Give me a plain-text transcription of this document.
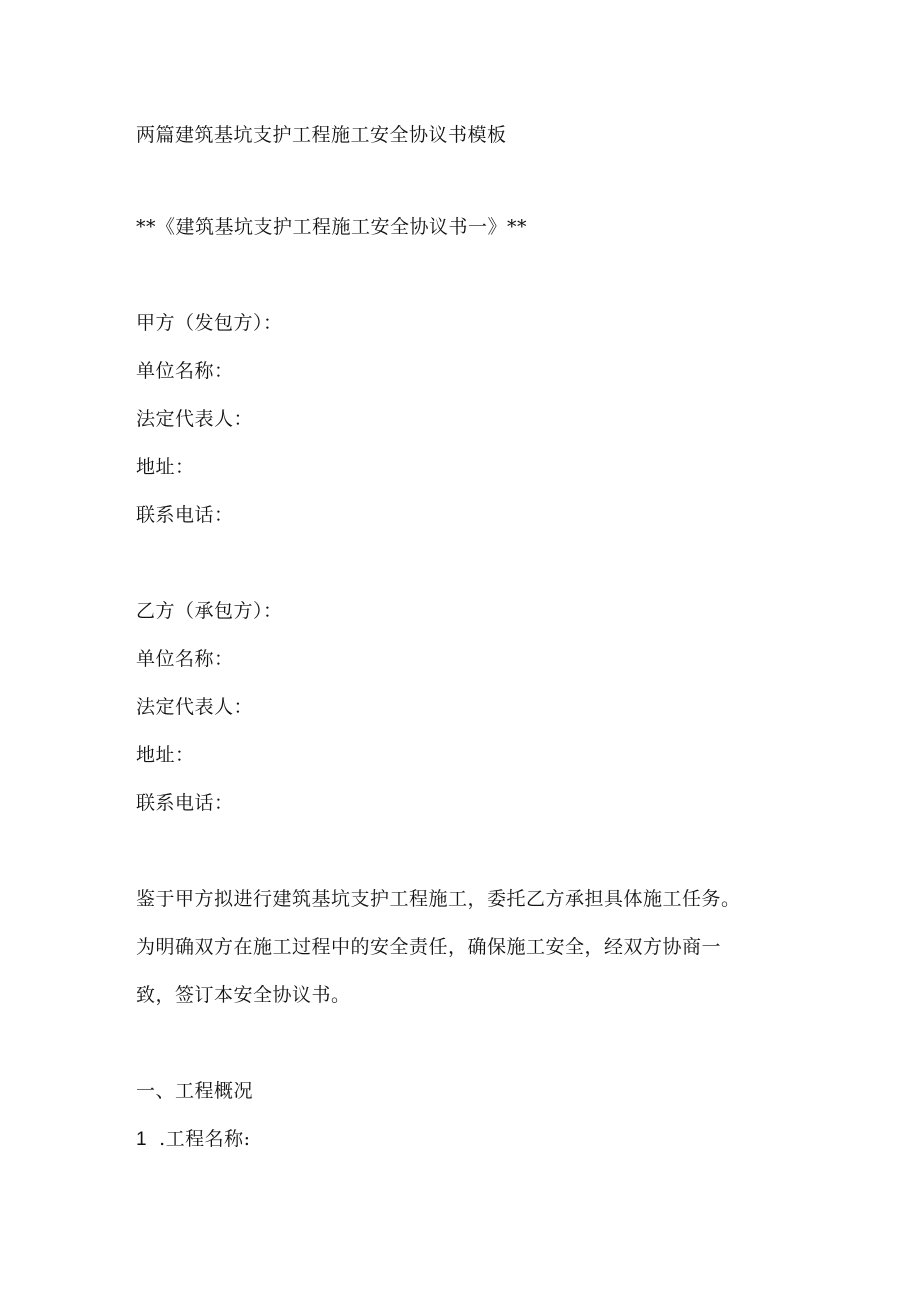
两篇建筑基坑支护工程施工安全协议书模板
**《建筑基坑支护工程施工安全协议书一》**
甲方（发包方）：
单位名称：
法定代表人：
地址：
联系电话：
乙方（承包方）：
单位名称：
法定代表人：
地址：
联系电话：
鉴于甲方拟进行建筑基坑支护工程施工，委托乙方承担具体施工任务。
为明确双方在施工过程中的安全责任，确保施工安全，经双方协商一
致，签订本安全协议书。
一、工程概况
1 .工程名称:
